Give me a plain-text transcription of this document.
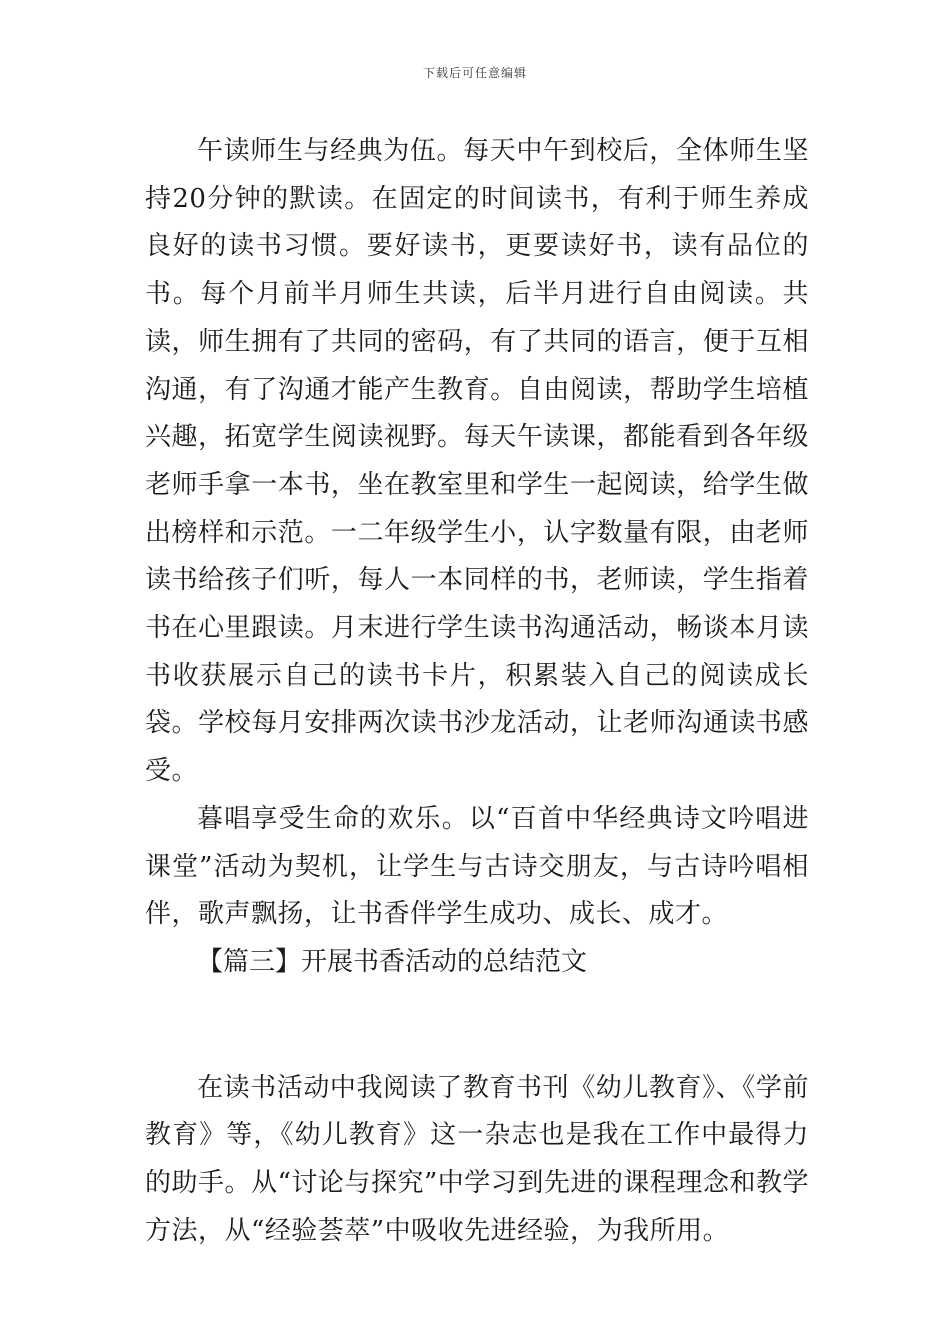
下载后可任意编辑

午读师生与经典为伍。每天中午到校后，全体师生坚持20分钟的默读。在固定的时间读书，有利于师生养成良好的读书习惯。要好读书，更要读好书，读有品位的书。每个月前半月师生共读，后半月进行自由阅读。共读，师生拥有了共同的密码，有了共同的语言，便于互相沟通，有了沟通才能产生教育。自由阅读，帮助学生培植兴趣，拓宽学生阅读视野。每天午读课，都能看到各年级老师手拿一本书，坐在教室里和学生一起阅读，给学生做出榜样和示范。一二年级学生小，认字数量有限，由老师读书给孩子们听，每人一本同样的书，老师读，学生指着书在心里跟读。月末进行学生读书沟通活动，畅谈本月读书收获展示自己的读书卡片，积累装入自己的阅读成长袋。学校每月安排两次读书沙龙活动，让老师沟通读书感受。

暮唱享受生命的欢乐。以“百首中华经典诗文吟唱进课堂”活动为契机，让学生与古诗交朋友，与古诗吟唱相伴，歌声飘扬，让书香伴学生成功、成长、成才。

【篇三】开展书香活动的总结范文

在读书活动中我阅读了教育书刊《幼儿教育》、《学前教育》等，《幼儿教育》这一杂志也是我在工作中最得力的助手。从“讨论与探究”中学习到先进的课程理念和教学方法，从“经验荟萃”中吸收先进经验，为我所用。
